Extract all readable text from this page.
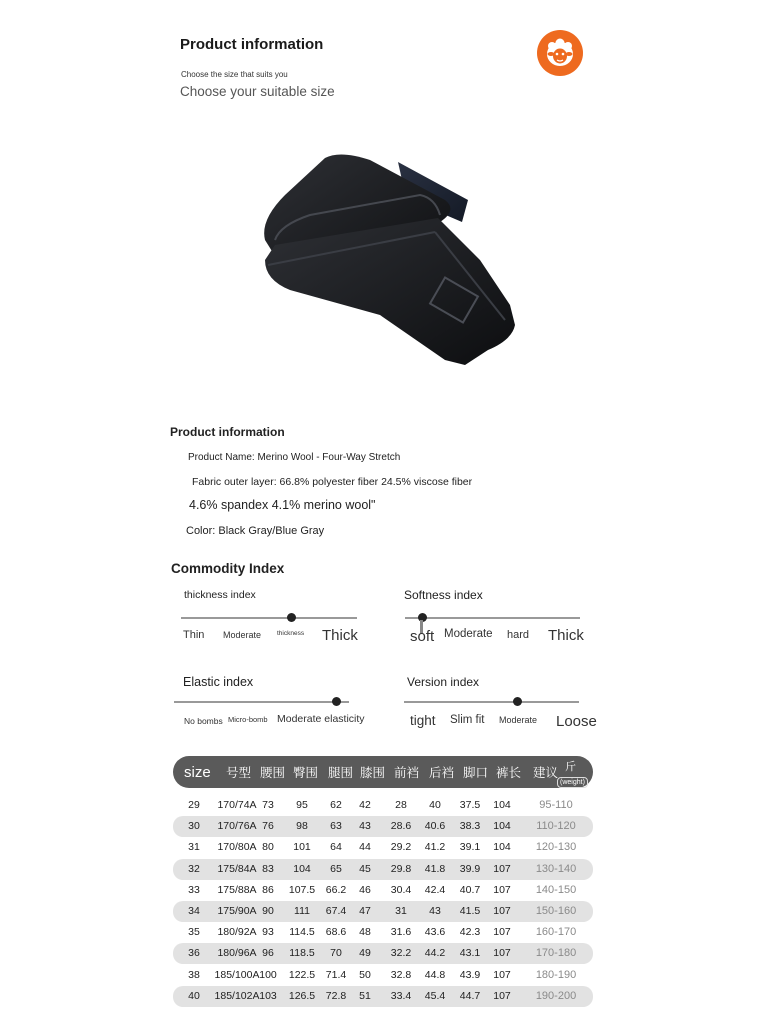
Product information
Choose the size that suits you
Choose your suitable size
Product information
Product Name: Merino Wool - Four-Way Stretch
Fabric outer layer: 66.8% polyester fiber 24.5% viscose fiber
4.6% spandex 4.1% merino wool"
Color: Black Gray/Blue Gray
Commodity Index
thickness index
Thin Moderate thickness Thick
Softness index
soft Moderate hard Thick
Elastic index
No bombs Micro-bomb Moderate elasticity
Version index
tight Slim fit Moderate Loose
size 号型 腰围 臀围 腿围 膝围 前裆 后裆 脚口 裤长 建议 斤
(weight)
29	170/74A 73	95	62	42	28	40	37.5	104	95-110
30	170/76A 76	98	63	43	28.6	40.6	38.3	104	110-120
31	170/80A 80	101	64	44	29.2	41.2	39.1	104	120-130
32	175/84A 83	104	65	45	29.8	41.8	39.9	107	130-140
33	175/88A 86	107.5	66.2	46	30.4	42.4	40.7	107	140-150
34	175/90A 90	111	67.4	47	31	43	41.5	107	150-160
35	180/92A 93	114.5	68.6	48	31.6	43.6	42.3	107	160-170
36	180/96A 96	118.5	70	49	32.2	44.2	43.1	107	170-180
38	185/100A 100	122.5	71.4	50	32.8	44.8	43.9	107	180-190
40	185/102A 103	126.5	72.8	51	33.4	45.4	44.7	107	190-200
